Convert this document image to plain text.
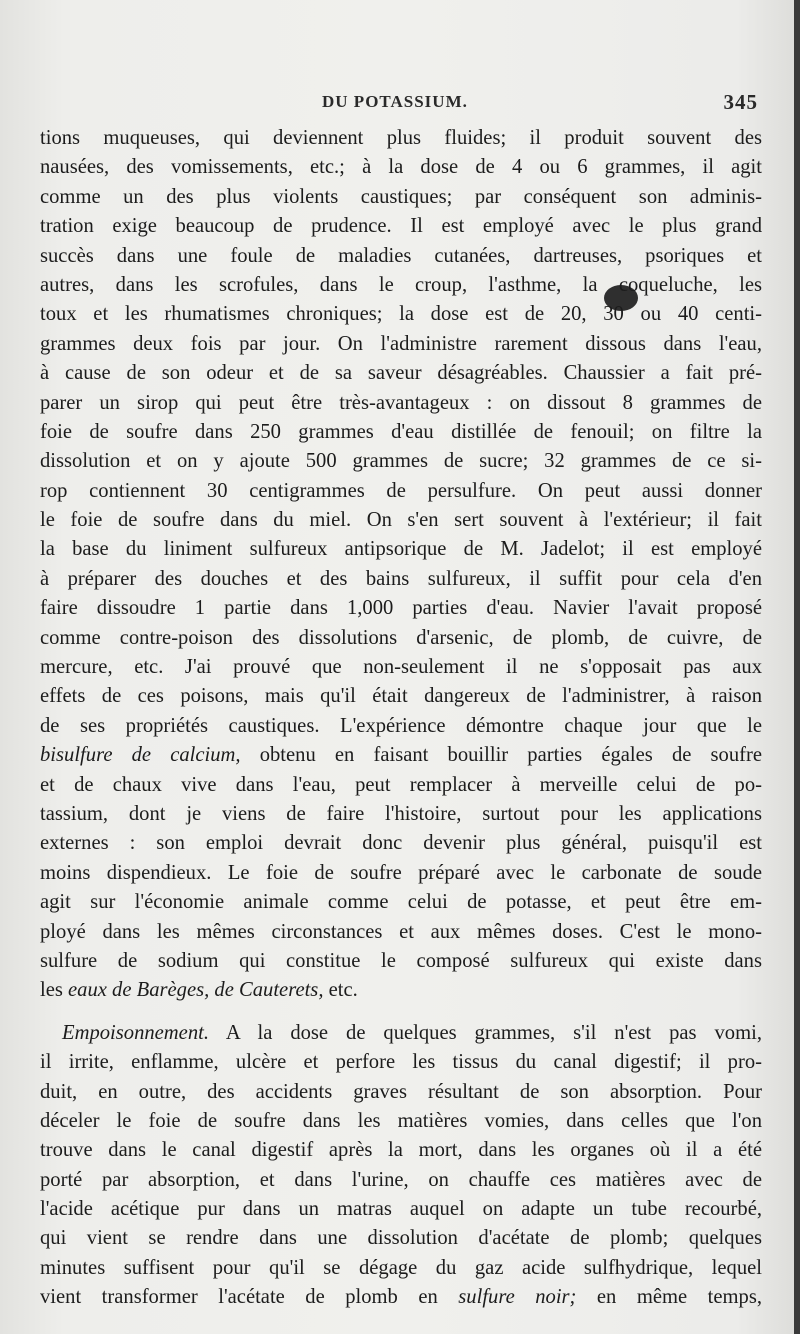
DU POTASSIUM.	345
tions muqueuses, qui deviennent plus fluides; il produit souvent des
nausées, des vomissements, etc.; à la dose de 4 ou 6 grammes, il agit
comme un des plus violents caustiques; par conséquent son adminis-
tration exige beaucoup de prudence. Il est employé avec le plus grand
succès dans une foule de maladies cutanées, dartreuses, psoriques et
autres, dans les scrofules, dans le croup, l'asthme, la coqueluche, les
toux et les rhumatismes chroniques; la dose est de 20, 30 ou 40 centi-
grammes deux fois par jour. On l'administre rarement dissous dans l'eau,
à cause de son odeur et de sa saveur désagréables. Chaussier a fait pré-
parer un sirop qui peut être très-avantageux : on dissout 8 grammes de
foie de soufre dans 250 grammes d'eau distillée de fenouil; on filtre la
dissolution et on y ajoute 500 grammes de sucre; 32 grammes de ce si-
rop contiennent 30 centigrammes de persulfure. On peut aussi donner
le foie de soufre dans du miel. On s'en sert souvent à l'extérieur; il fait
la base du liniment sulfureux antipsorique de M. Jadelot; il est employé
à préparer des douches et des bains sulfureux, il suffit pour cela d'en
faire dissoudre 1 partie dans 1,000 parties d'eau. Navier l'avait proposé
comme contre-poison des dissolutions d'arsenic, de plomb, de cuivre, de
mercure, etc. J'ai prouvé que non-seulement il ne s'opposait pas aux
effets de ces poisons, mais qu'il était dangereux de l'administrer, à raison
de ses propriétés caustiques. L'expérience démontre chaque jour que le
bisulfure de calcium, obtenu en faisant bouillir parties égales de soufre
et de chaux vive dans l'eau, peut remplacer à merveille celui de po-
tassium, dont je viens de faire l'histoire, surtout pour les applications
externes : son emploi devrait donc devenir plus général, puisqu'il est
moins dispendieux. Le foie de soufre préparé avec le carbonate de soude
agit sur l'économie animale comme celui de potasse, et peut être em-
ployé dans les mêmes circonstances et aux mêmes doses. C'est le mono-
sulfure de sodium qui constitue le composé sulfureux qui existe dans
les eaux de Barèges, de Cauterets, etc.
Empoisonnement. A la dose de quelques grammes, s'il n'est pas vomi,
il irrite, enflamme, ulcère et perfore les tissus du canal digestif; il pro-
duit, en outre, des accidents graves résultant de son absorption. Pour
déceler le foie de soufre dans les matières vomies, dans celles que l'on
trouve dans le canal digestif après la mort, dans les organes où il a été
porté par absorption, et dans l'urine, on chauffe ces matières avec de
l'acide acétique pur dans un matras auquel on adapte un tube recourbé,
qui vient se rendre dans une dissolution d'acétate de plomb; quelques
minutes suffisent pour qu'il se dégage du gaz acide sulfhydrique, lequel
vient transformer l'acétate de plomb en sulfure noir; en même temps,
